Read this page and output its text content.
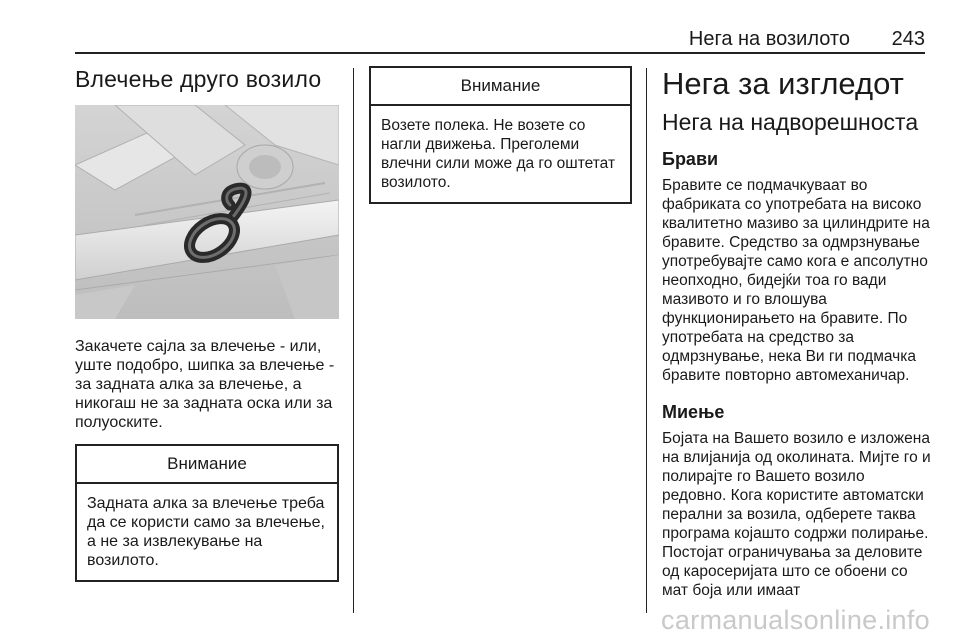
Нега на возилото 243
Влечење друго возило

Закачете сајла за влечење - или, уште подобро, шипка за влечење - за задната алка за влечење, а никогаш не за задната оска или за полуоските.

Внимание
Задната алка за влечење треба да се користи само за влечење, а не за извлекување на возилото.
Внимание
Возете полека. Не возете со нагли движења. Преголеми влечни сили може да го оштетат возилото.
Нега за изгледот
Нега на надворешноста
Брави

Бравите се подмачкуваат во фабриката со употребата на високо квалитетно мазиво за цилиндрите на бравите. Средство за одмрзнување употребувајте само кога е апсолутно неопходно, бидејќи тоа го вади мазивото и го влошува функционирањето на бравите. По употребата на средство за одмрзнување, нека Ви ги подмачка бравите повторно автомеханичар.

Миење

Бојата на Вашето возило е изложена на влијанија од околината. Мијте го и полирајте го Вашето возило редовно. Кога користите автоматски перални за возила, одберете таква програма којашто содржи полирање. Постојат ограничувања за деловите од каросеријата што се обоени со мат боја или имаат

carmanualsonline.info
